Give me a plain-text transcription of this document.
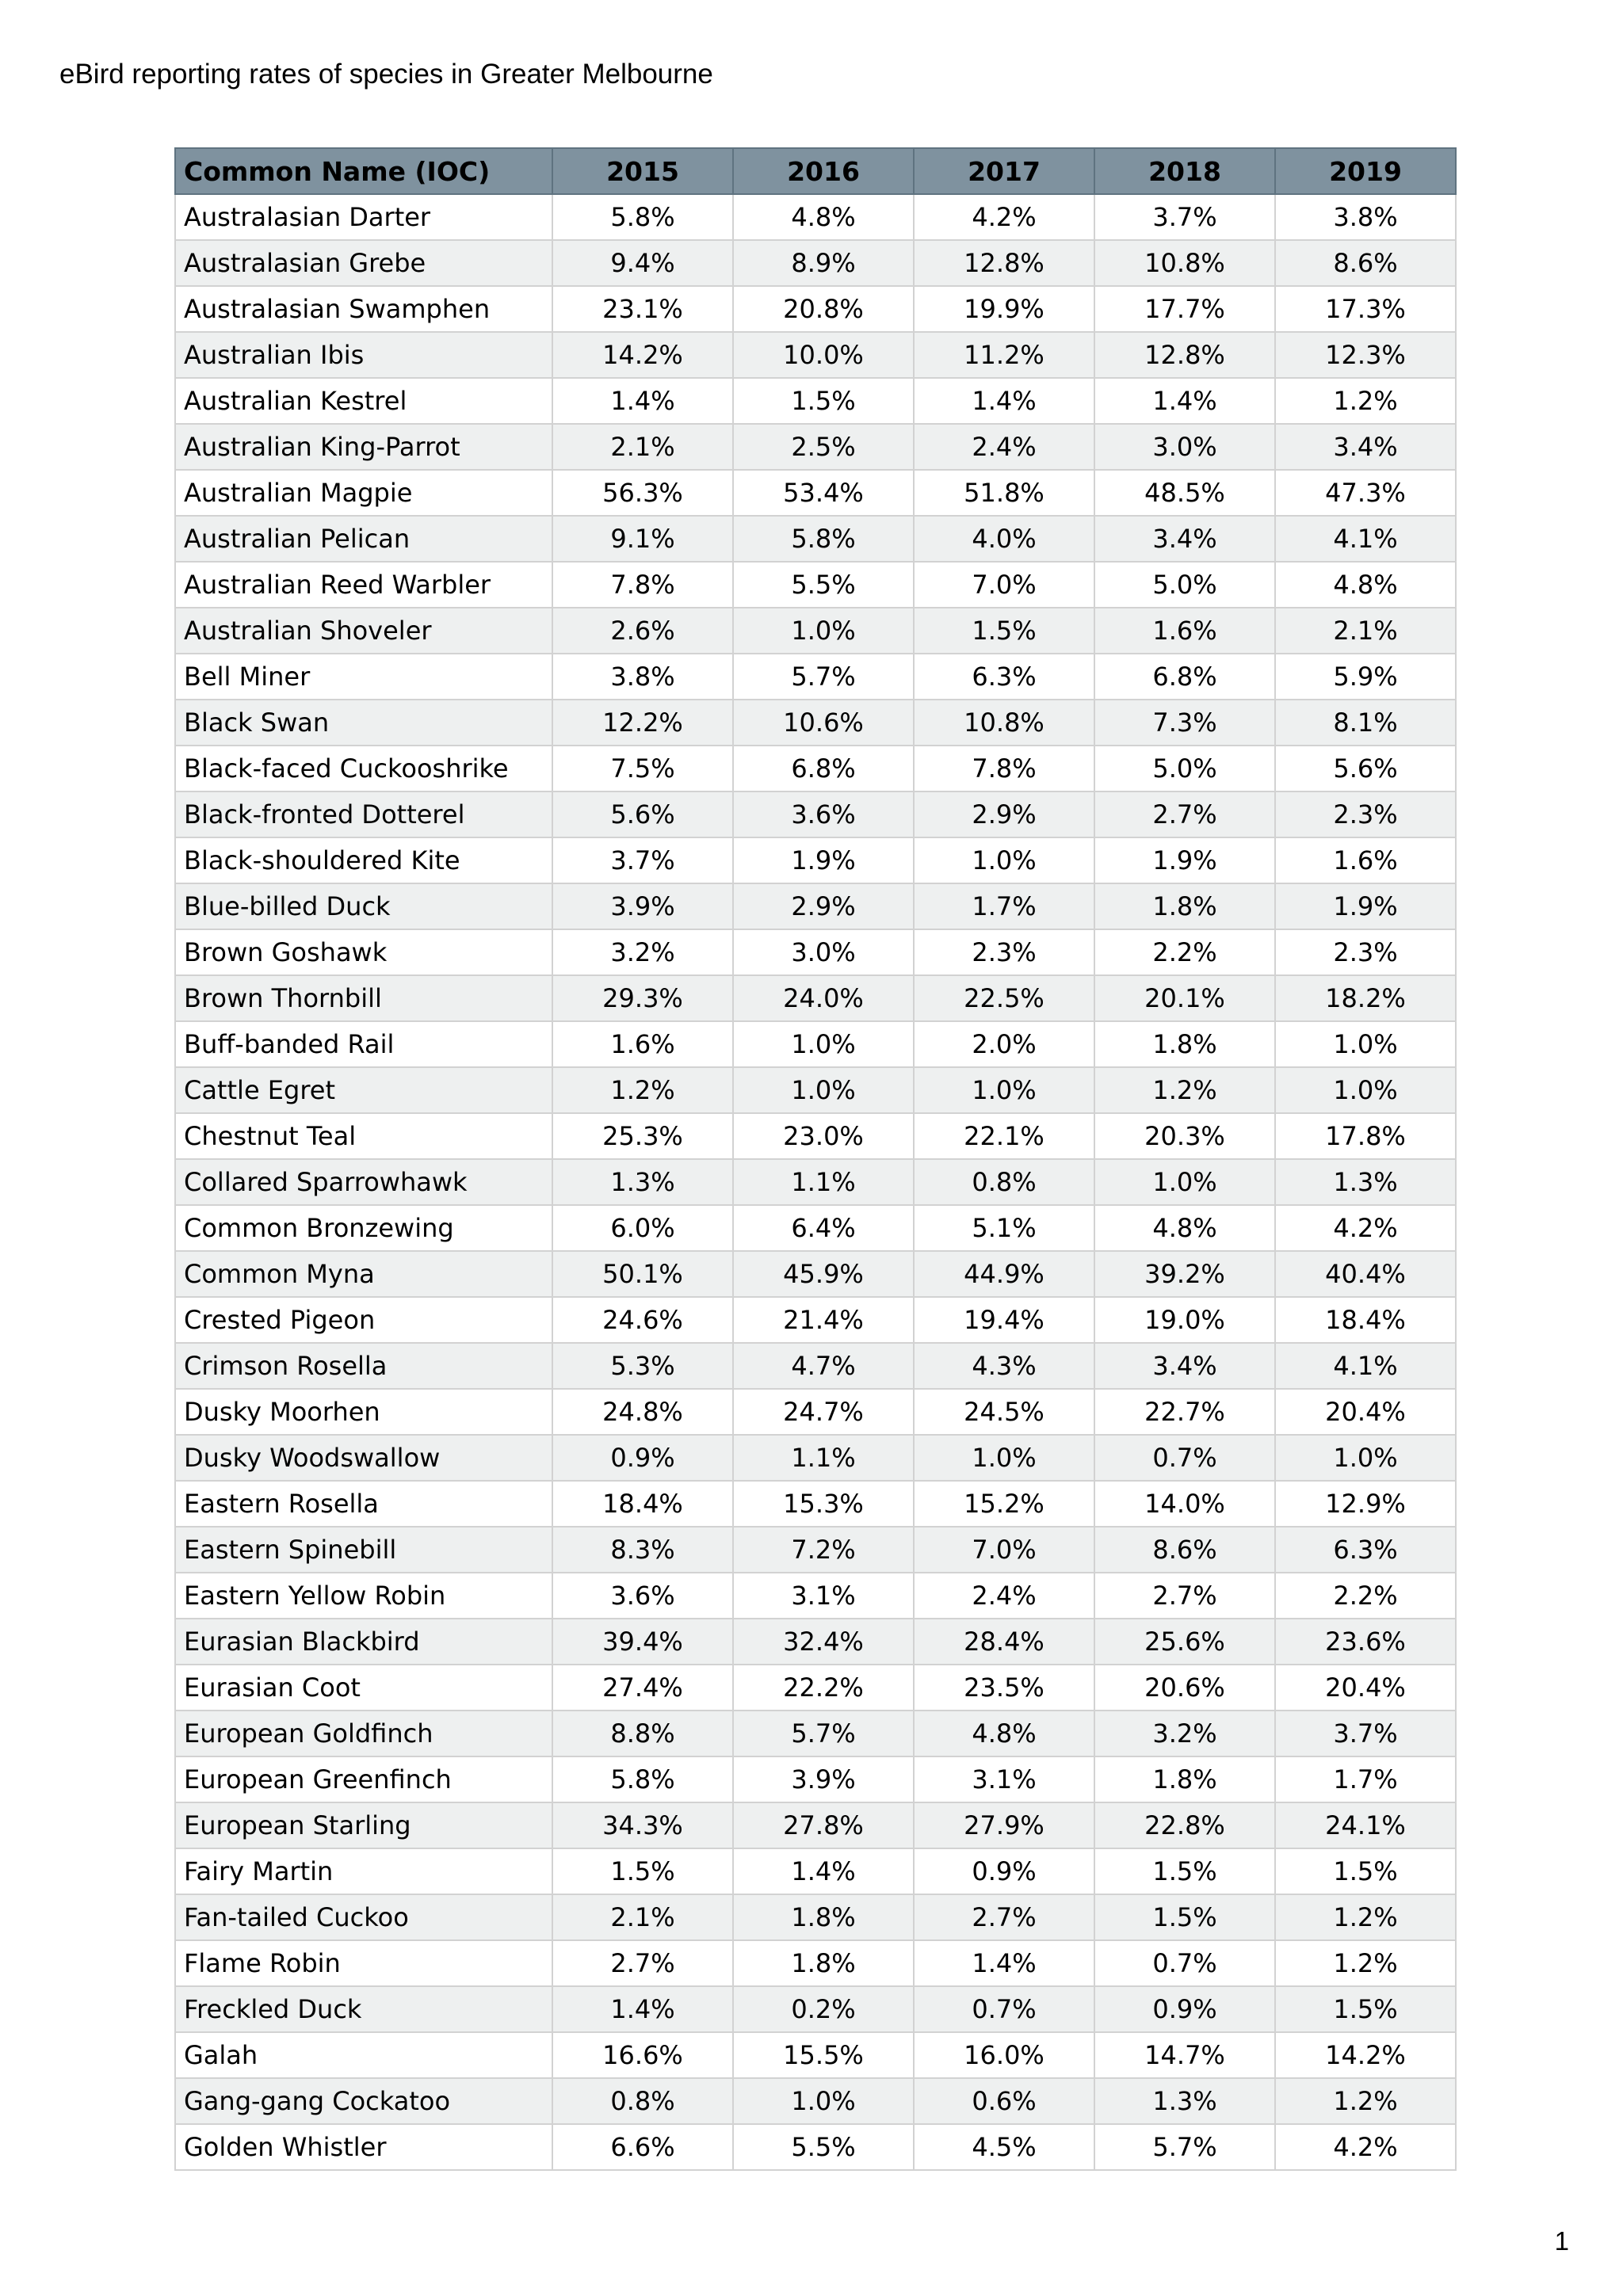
eBird reporting rates of species in Greater Melbourne
Common Name (IOC)	2015	2016	2017	2018	2019
Australasian Darter	5.8%	4.8%	4.2%	3.7%	3.8%
Australasian Grebe	9.4%	8.9%	12.8%	10.8%	8.6%
Australasian Swamphen	23.1%	20.8%	19.9%	17.7%	17.3%
Australian Ibis	14.2%	10.0%	11.2%	12.8%	12.3%
Australian Kestrel	1.4%	1.5%	1.4%	1.4%	1.2%
Australian King-Parrot	2.1%	2.5%	2.4%	3.0%	3.4%
Australian Magpie	56.3%	53.4%	51.8%	48.5%	47.3%
Australian Pelican	9.1%	5.8%	4.0%	3.4%	4.1%
Australian Reed Warbler	7.8%	5.5%	7.0%	5.0%	4.8%
Australian Shoveler	2.6%	1.0%	1.5%	1.6%	2.1%
Bell Miner	3.8%	5.7%	6.3%	6.8%	5.9%
Black Swan	12.2%	10.6%	10.8%	7.3%	8.1%
Black-faced Cuckooshrike	7.5%	6.8%	7.8%	5.0%	5.6%
Black-fronted Dotterel	5.6%	3.6%	2.9%	2.7%	2.3%
Black-shouldered Kite	3.7%	1.9%	1.0%	1.9%	1.6%
Blue-billed Duck	3.9%	2.9%	1.7%	1.8%	1.9%
Brown Goshawk	3.2%	3.0%	2.3%	2.2%	2.3%
Brown Thornbill	29.3%	24.0%	22.5%	20.1%	18.2%
Buff-banded Rail	1.6%	1.0%	2.0%	1.8%	1.0%
Cattle Egret	1.2%	1.0%	1.0%	1.2%	1.0%
Chestnut Teal	25.3%	23.0%	22.1%	20.3%	17.8%
Collared Sparrowhawk	1.3%	1.1%	0.8%	1.0%	1.3%
Common Bronzewing	6.0%	6.4%	5.1%	4.8%	4.2%
Common Myna	50.1%	45.9%	44.9%	39.2%	40.4%
Crested Pigeon	24.6%	21.4%	19.4%	19.0%	18.4%
Crimson Rosella	5.3%	4.7%	4.3%	3.4%	4.1%
Dusky Moorhen	24.8%	24.7%	24.5%	22.7%	20.4%
Dusky Woodswallow	0.9%	1.1%	1.0%	0.7%	1.0%
Eastern Rosella	18.4%	15.3%	15.2%	14.0%	12.9%
Eastern Spinebill	8.3%	7.2%	7.0%	8.6%	6.3%
Eastern Yellow Robin	3.6%	3.1%	2.4%	2.7%	2.2%
Eurasian Blackbird	39.4%	32.4%	28.4%	25.6%	23.6%
Eurasian Coot	27.4%	22.2%	23.5%	20.6%	20.4%
European Goldfinch	8.8%	5.7%	4.8%	3.2%	3.7%
European Greenfinch	5.8%	3.9%	3.1%	1.8%	1.7%
European Starling	34.3%	27.8%	27.9%	22.8%	24.1%
Fairy Martin	1.5%	1.4%	0.9%	1.5%	1.5%
Fan-tailed Cuckoo	2.1%	1.8%	2.7%	1.5%	1.2%
Flame Robin	2.7%	1.8%	1.4%	0.7%	1.2%
Freckled Duck	1.4%	0.2%	0.7%	0.9%	1.5%
Galah	16.6%	15.5%	16.0%	14.7%	14.2%
Gang-gang Cockatoo	0.8%	1.0%	0.6%	1.3%	1.2%
Golden Whistler	6.6%	5.5%	4.5%	5.7%	4.2%
1
